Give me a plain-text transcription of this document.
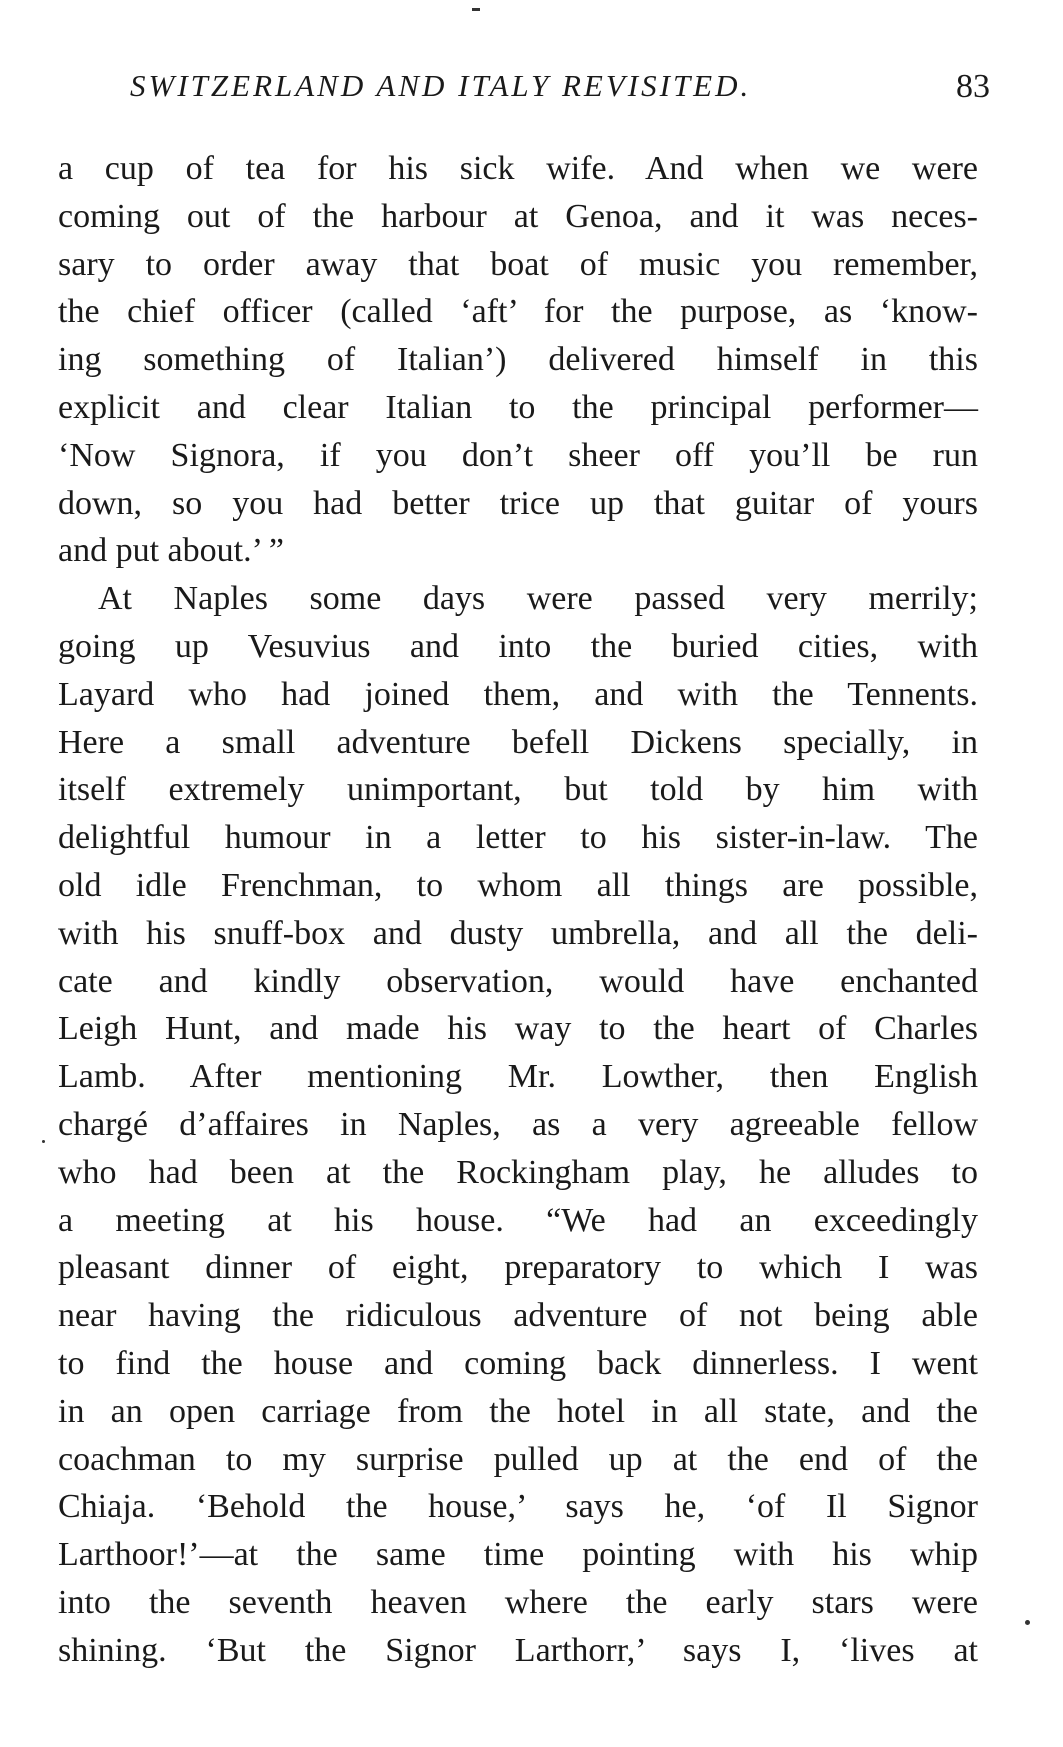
SWITZERLAND AND ITALY REVISITED.	83
a cup of tea for his sick wife. And when we were
coming out of the harbour at Genoa, and it was neces-
sary to order away that boat of music you remember,
the chief officer (called ‘aft’ for the purpose, as ‘know-
ing something of Italian’) delivered himself in this
explicit and clear Italian to the principal performer—
‘Now Signora, if you don’t sheer off you’ll be run
down, so you had better trice up that guitar of yours
and put about.’ ”
At Naples some days were passed very merrily;
going up Vesuvius and into the buried cities, with
Layard who had joined them, and with the Tennents.
Here a small adventure befell Dickens specially, in
itself extremely unimportant, but told by him with
delightful humour in a letter to his sister-in-law. The
old idle Frenchman, to whom all things are possible,
with his snuff-box and dusty umbrella, and all the deli-
cate and kindly observation, would have enchanted
Leigh Hunt, and made his way to the heart of Charles
Lamb. After mentioning Mr. Lowther, then English
chargé d’affaires in Naples, as a very agreeable fellow
who had been at the Rockingham play, he alludes to
a meeting at his house. “We had an exceedingly
pleasant dinner of eight, preparatory to which I was
near having the ridiculous adventure of not being able
to find the house and coming back dinnerless. I went
in an open carriage from the hotel in all state, and the
coachman to my surprise pulled up at the end of the
Chiaja. ‘Behold the house,’ says he, ‘of Il Signor
Larthoor!’—at the same time pointing with his whip
into the seventh heaven where the early stars were
shining. ‘But the Signor Larthorr,’ says I, ‘lives at
